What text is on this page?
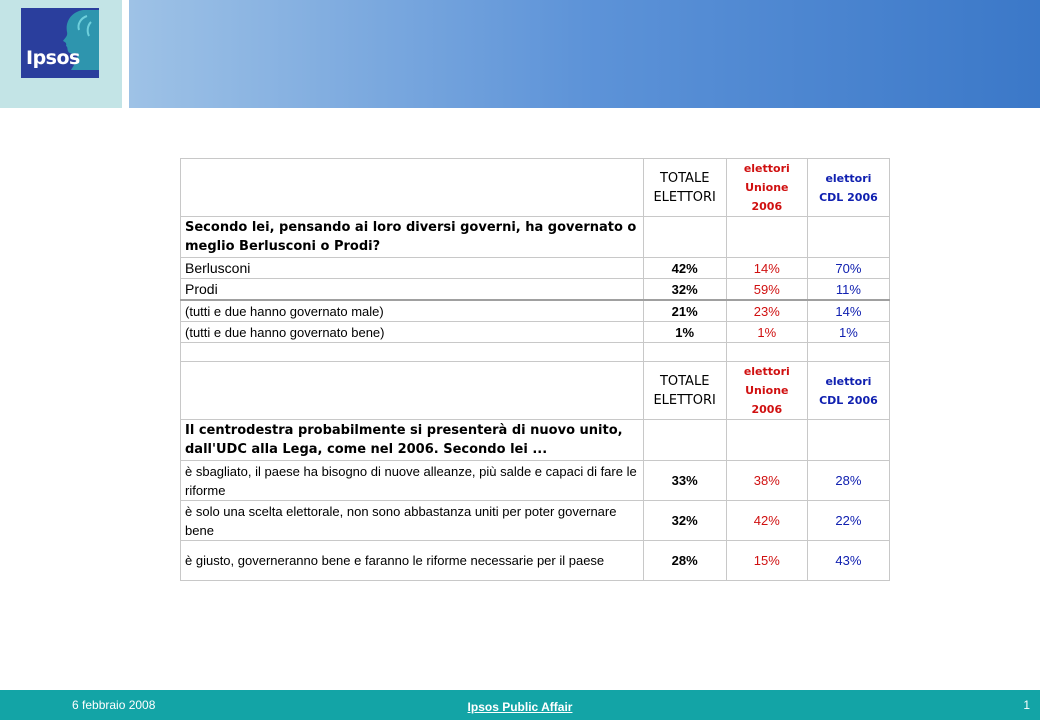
Ipsos
	TOTALE ELETTORI	elettori Unione 2006	elettori CDL 2006
Secondo lei, pensando ai loro diversi governi, ha governato o meglio Berlusconi o Prodi?			
Berlusconi	42%	14%	70%
Prodi	32%	59%	11%
(tutti e due hanno governato male)	21%	23%	14%
(tutti e due hanno governato bene)	1%	1%	1%

	TOTALE ELETTORI	elettori Unione 2006	elettori CDL 2006
Il centrodestra probabilmente si presenterà di nuovo unito, dall'UDC alla Lega, come nel 2006. Secondo lei ...			
è sbagliato, il paese ha bisogno di nuove alleanze, più salde e capaci di fare le riforme	33%	38%	28%
è solo una scelta elettorale, non sono abbastanza uniti per poter governare bene	32%	42%	22%
è giusto, governeranno bene e faranno le riforme necessarie per il paese	28%	15%	43%
6 febbraio 2008	Ipsos Public Affair	1
